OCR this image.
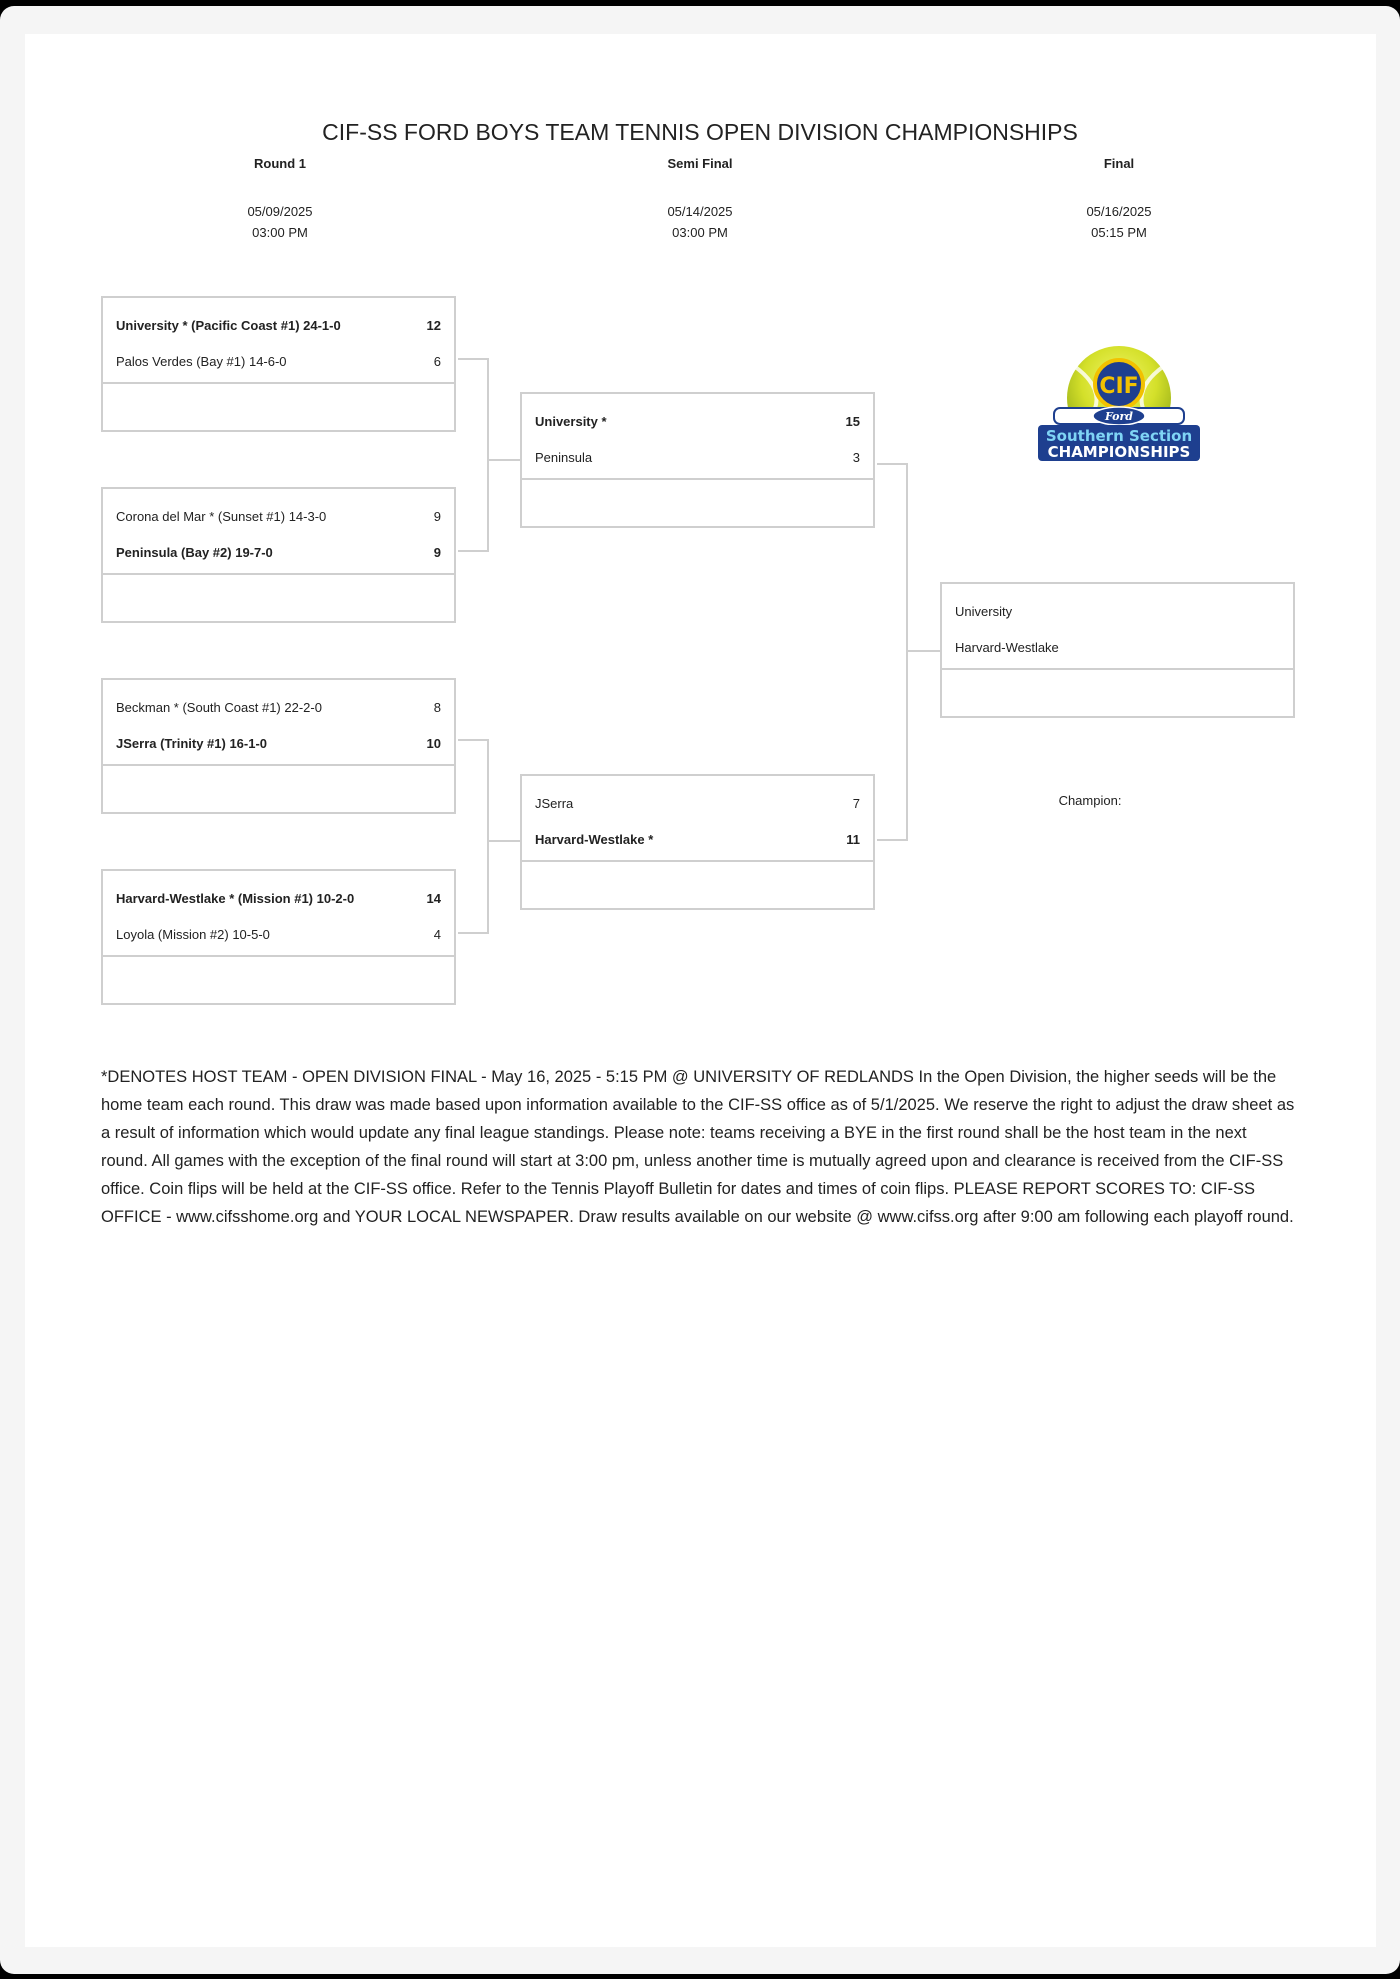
CIF-SS FORD BOYS TEAM TENNIS OPEN DIVISION CHAMPIONSHIPS
Round 1
05/09/2025
03:00 PM
Semi Final
05/14/2025
03:00 PM
Final
05/16/2025
05:15 PM
University * (Pacific Coast #1) 24-1-0	12
Palos Verdes (Bay #1) 14-6-0	6
Corona del Mar * (Sunset #1) 14-3-0	9
Peninsula (Bay #2) 19-7-0	9
Beckman * (South Coast #1) 22-2-0	8
JSerra (Trinity #1) 16-1-0	10
Harvard-Westlake * (Mission #1) 10-2-0	14
Loyola (Mission #2) 10-5-0	4
University *	15
Peninsula	3
JSerra	7
Harvard-Westlake *	11
University
Harvard-Westlake
Champion:
CIF
Ford
Southern Section
CHAMPIONSHIPS
*DENOTES HOST TEAM - OPEN DIVISION FINAL - May 16, 2025 - 5:15 PM @ UNIVERSITY OF REDLANDS In the Open Division, the higher seeds will be the home team each round. This draw was made based upon information available to the CIF-SS office as of 5/1/2025. We reserve the right to adjust the draw sheet as a result of information which would update any final league standings. Please note: teams receiving a BYE in the first round shall be the host team in the next round. All games with the exception of the final round will start at 3:00 pm, unless another time is mutually agreed upon and clearance is received from the CIF-SS office. Coin flips will be held at the CIF-SS office. Refer to the Tennis Playoff Bulletin for dates and times of coin flips. PLEASE REPORT SCORES TO: CIF-SS OFFICE - www.cifsshome.org and YOUR LOCAL NEWSPAPER. Draw results available on our website @ www.cifss.org after 9:00 am following each playoff round.
